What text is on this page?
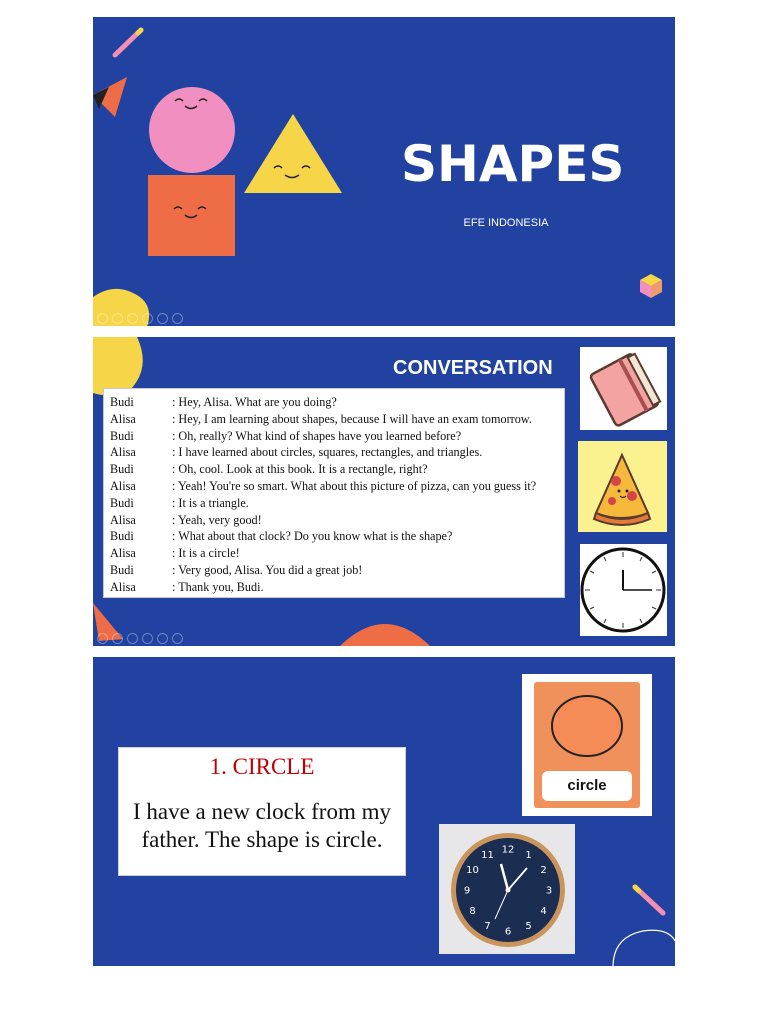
SHAPES
EFE INDONESIA
CONVERSATION
Budi	: Hey, Alisa. What are you doing?
Alisa	: Hey, I am learning about shapes, because I will have an exam tomorrow.
Budi	: Oh, really? What kind of shapes have you learned before?
Alisa	: I have learned about circles, squares, rectangles, and triangles.
Budi	: Oh, cool. Look at this book. It is a rectangle, right?
Alisa	: Yeah! You're so smart. What about this picture of pizza, can you guess it?
Budi	: It is a triangle.
Alisa	: Yeah, very good!
Budi	: What about that clock? Do you know what is the shape?
Alisa	: It is a circle!
Budi	: Very good, Alisa. You did a great job!
Alisa	: Thank you, Budi.
1. CIRCLE
I have a new clock from my father. The shape is circle.
circle
12 1
2
3
4
5
6
7
8
9
10
11
